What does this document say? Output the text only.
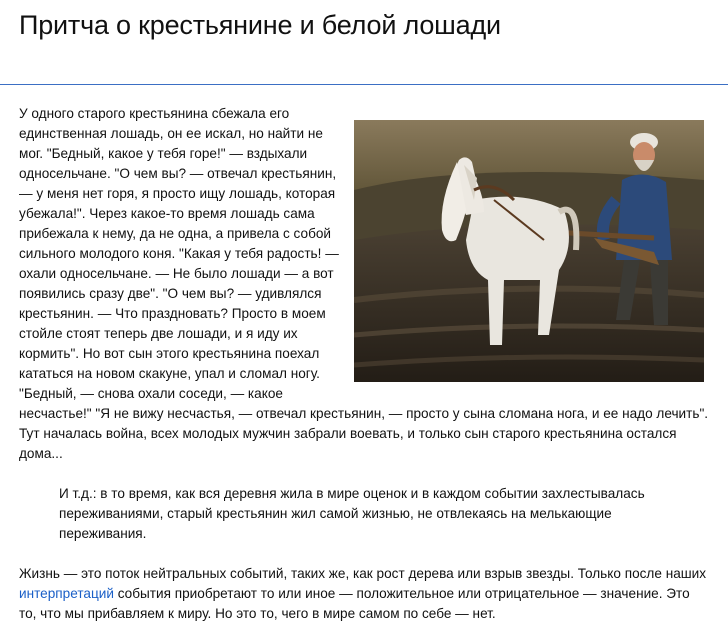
Притча о крестьянине и белой лошади

У одного старого крестьянина сбежала его единственная лошадь, он ее искал, но найти не мог. "Бедный, какое у тебя горе!" — вздыхали односельчане. "О чем вы? — отвечал крестьянин, — у меня нет горя, я просто ищу лошадь, которая убежала!". Через какое-то время лошадь сама прибежала к нему, да не одна, а привела с собой сильного молодого коня. "Какая у тебя радость! — охали односельчане. — Не было лошади — а вот появились сразу две". "О чем вы? — удивлялся крестьянин. — Что праздновать? Просто в моем стойле стоят теперь две лошади, и я иду их кормить". Но вот сын этого крестьянина поехал кататься на новом скакуне, упал и сломал ногу. "Бедный, — снова охали соседи, — какое несчастье!" "Я не вижу несчастья, — отвечал крестьянин, — просто у сына сломана нога, и ее надо лечить". Тут началась война, всех молодых мужчин забрали воевать, и только сын старого крестьянина остался дома...

И т.д.: в то время, как вся деревня жила в мире оценок и в каждом событии захлестывалась переживаниями, старый крестьянин жил самой жизнью, не отвлекаясь на мелькающие переживания.

Жизнь — это поток нейтральных событий, таких же, как рост дерева или взрыв звезды. Только после наших интерпретаций события приобретают то или иное — положительное или отрицательное — значение. Это то, что мы прибавляем к миру. Но это то, чего в мире самом по себе — нет.
